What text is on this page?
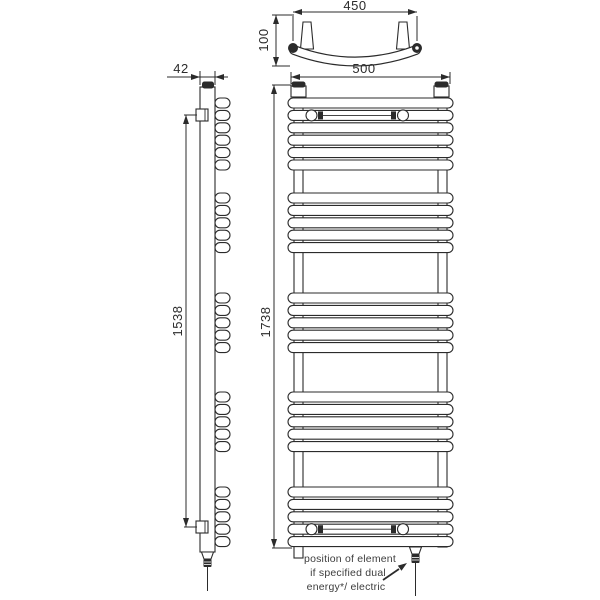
450
100
42
1538
500
1738
position of element
if specified dual
energy*/ electric
